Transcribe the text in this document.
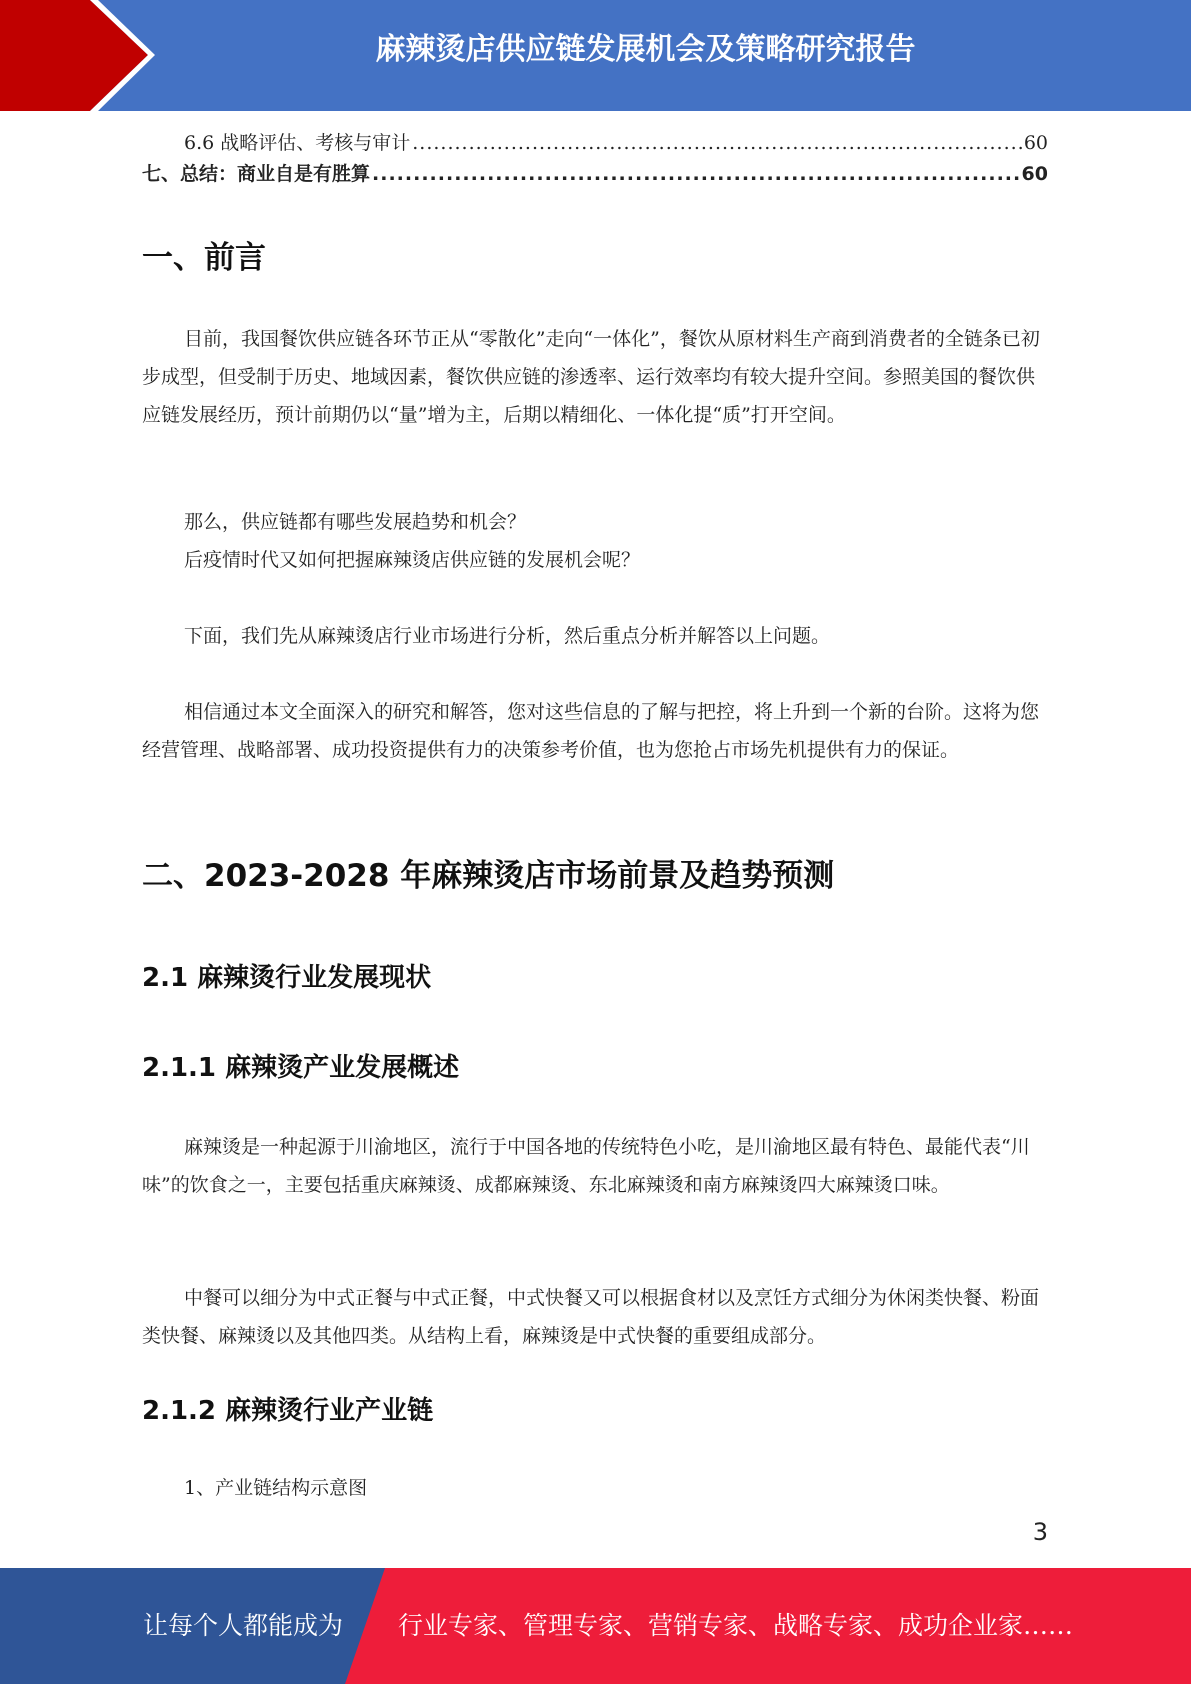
麻辣烫店供应链发展机会及策略研究报告
6.6 战略评估、考核与审计 .....	60
七、总结：商业自是有胜算 .....	60
一、前言

目前，我国餐饮供应链各环节正从“零散化”走向“一体化”，餐饮从原材料生产商到消费者的全链条已初步成型，但受制于历史、地域因素，餐饮供应链的渗透率、运行效率均有较大提升空间。参照美国的餐饮供应链发展经历，预计前期仍以“量”增为主，后期以精细化、一体化提“质”打开空间。

那么，供应链都有哪些发展趋势和机会？
后疫情时代又如何把握麻辣烫店供应链的发展机会呢？
下面，我们先从麻辣烫店行业市场进行分析，然后重点分析并解答以上问题。

相信通过本文全面深入的研究和解答，您对这些信息的了解与把控，将上升到一个新的台阶。这将为您经营管理、战略部署、成功投资提供有力的决策参考价值，也为您抢占市场先机提供有力的保证。

二、2023-2028 年麻辣烫店市场前景及趋势预测
2.1 麻辣烫行业发展现状
2.1.1 麻辣烫产业发展概述

麻辣烫是一种起源于川渝地区，流行于中国各地的传统特色小吃，是川渝地区最有特色、最能代表“川味”的饮食之一，主要包括重庆麻辣烫、成都麻辣烫、东北麻辣烫和南方麻辣烫四大麻辣烫口味。

中餐可以细分为中式正餐与中式正餐，中式快餐又可以根据食材以及烹饪方式细分为休闲类快餐、粉面类快餐、麻辣烫以及其他四类。从结构上看，麻辣烫是中式快餐的重要组成部分。

2.1.2 麻辣烫行业产业链
1、产业链结构示意图
3
让每个人都能成为 行业专家、管理专家、营销专家、战略专家、成功企业家……
